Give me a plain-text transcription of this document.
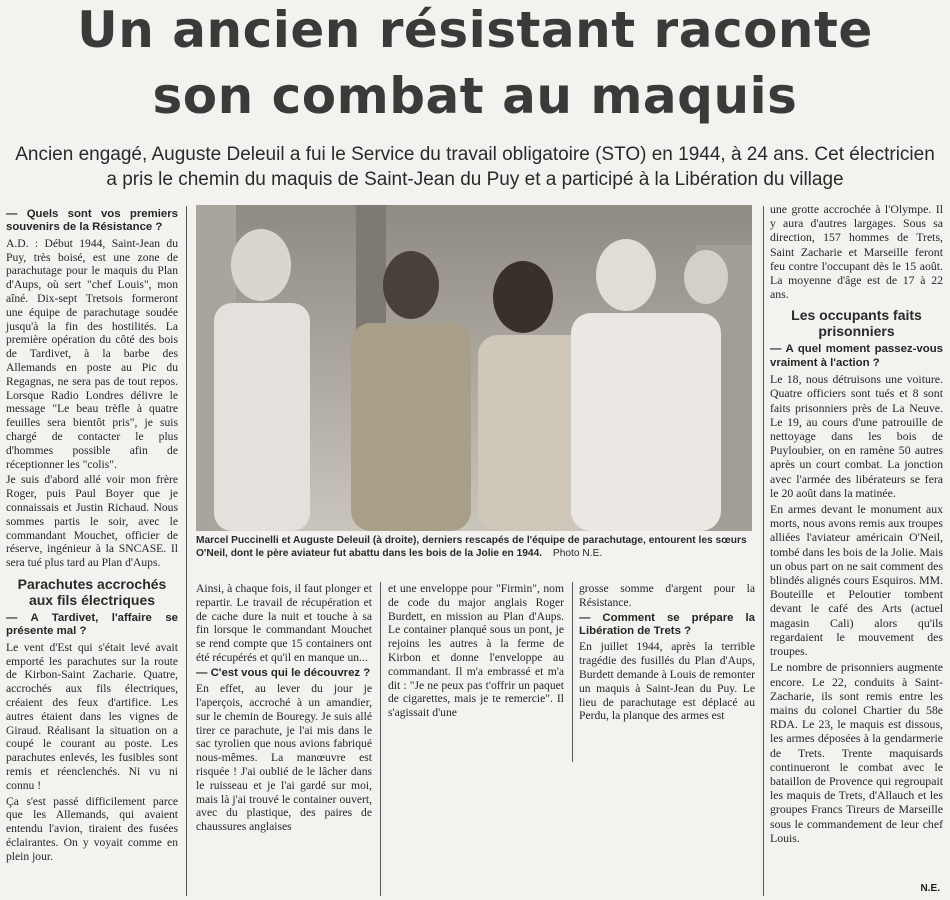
Un ancien résistant raconte
son combat au maquis
Ancien engagé, Auguste Deleuil a fui le Service du travail obligatoire (STO) en 1944, à 24 ans. Cet électricien a pris le chemin du maquis de Saint-Jean du Puy et a participé à la Libération du village
— Quels sont vos premiers souvenirs de la Résistance ?

A.D. : Début 1944, Saint-Jean du Puy, très boisé, est une zone de parachutage pour le maquis du Plan d'Aups, où sert "chef Louis", mon aîné. Dix-sept Tretsois formeront une équipe de parachutage soudée jusqu'à la fin des hostilités. La première opération du côté des bois de Tardivet, à la barbe des Allemands en poste au Pic du Regagnas, ne sera pas de tout repos. Lorsque Radio Londres délivre le message "Le beau trèfle à quatre feuilles sera bientôt pris", je suis chargé de contacter le plus d'hommes possible afin de réceptionner les "colis".

Je suis d'abord allé voir mon frère Roger, puis Paul Boyer que je connaissais et Justin Richaud. Nous sommes partis le soir, avec le commandant Mouchet, officier de réserve, ingénieur à la SNCASE. Il sera tué plus tard au Plan d'Aups.

Parachutes accrochés aux fils électriques
— A Tardivet, l'affaire se présente mal ?

Le vent d'Est qui s'était levé avait emporté les parachutes sur la route de Kirbon-Saint Zacharie. Quatre, accrochés aux fils électriques, créaient des feux d'artifice. Les autres étaient dans les vignes de Giraud. Réalisant la situation on a coupé le courant au poste. Les parachutes enlevés, les fusibles sont remis et réenclenchés. Ni vu ni connu !

Ça s'est passé difficilement parce que les Allemands, qui avaient entendu l'avion, tiraient des fusées éclairantes. On y voyait comme en plein jour.

Marcel Puccinelli et Auguste Deleuil (à droite), derniers rescapés de l'équipe de parachutage, entourent les sœurs O'Neil, dont le père aviateur fut abattu dans les bois de la Jolie en 1944. Photo N.E.

Ainsi, à chaque fois, il faut plonger et repartir. Le travail de récupération et de cache dure la nuit et touche à sa fin lorsque le commandant Mouchet se rend compte que 15 containers ont été récupérés et qu'il en manque un...

— C'est vous qui le découvrez ?

En effet, au lever du jour je l'aperçois, accroché à un amandier, sur le chemin de Bouregy. Je suis allé tirer ce parachute, je l'ai mis dans le sac tyrolien que nous avions fabriqué nous-mêmes. La manœuvre est risquée ! J'ai oublié de le lâcher dans le ruisseau et je l'ai gardé sur moi, mais là j'ai trouvé le container ouvert, avec du plastique, des paires de chaussures anglaises

et une enveloppe pour "Firmin", nom de code du major anglais Roger Burdett, en mission au Plan d'Aups. Le container planqué sous un pont, je rejoins les autres à la ferme de Kirbon et donne l'enveloppe au commandant. Il m'a embrassé et m'a dit : "Je ne peux pas t'offrir un paquet de cigarettes, mais je te remercie". Il s'agissait d'une

grosse somme d'argent pour la Résistance.

— Comment se prépare la Libération de Trets ?

En juillet 1944, après la terrible tragédie des fusillés du Plan d'Aups, Burdett demande à Louis de remonter un maquis à Saint-Jean du Puy. Le lieu de parachutage est déplacé au Perdu, la planque des armes est

une grotte accrochée à l'Olympe. Il y aura d'autres largages. Sous sa direction, 157 hommes de Trets, Saint Zacharie et Marseille feront feu contre l'occupant dès le 15 août. La moyenne d'âge est de 17 à 22 ans.

Les occupants faits prisonniers
— A quel moment passez-vous vraiment à l'action ?

Le 18, nous détruisons une voiture. Quatre officiers sont tués et 8 sont faits prisonniers près de La Neuve. Le 19, au cours d'une patrouille de nettoyage dans les bois de Puyloubier, on en ramène 50 autres après un court combat. La jonction avec l'armée des libérateurs se fera le 20 août dans la matinée.

En armes devant le monument aux morts, nous avons remis aux troupes alliées l'aviateur américain O'Neil, tombé dans les bois de la Jolie. Mais un obus part on ne sait comment des blindés alignés cours Esquiros. MM. Bouteille et Peloutier tombent devant le café des Arts (actuel magasin Cali) alors qu'ils regardaient le mouvement des troupes.

Le nombre de prisonniers augmente encore. Le 22, conduits à Saint-Zacharie, ils sont remis entre les mains du colonel Chartier du 58e RDA. Le 23, le maquis est dissous, les armes déposées à la gendarmerie de Trets. Trente maquisards continueront le combat avec le bataillon de Provence qui regroupait les maquis de Trets, d'Allauch et les groupes Francs Tireurs de Marseille sous le commandement de leur chef Louis.

N.E.
